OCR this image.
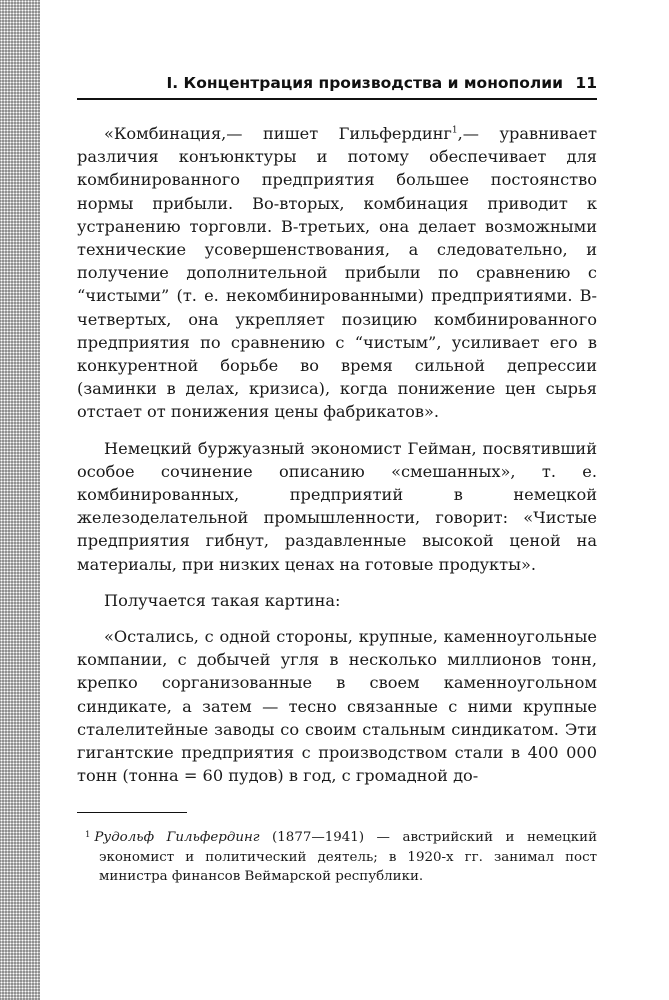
I. Концентрация производства и монополии 11

«Комбинация,— пишет Гильфердинг$^1$,— уравнивает различия конъюнктуры и потому обеспечивает для комбинированного предприятия большее постоянство нормы прибыли. Во-вторых, комбинация приводит к устранению торговли. В-третьих, она делает возможными технические усовершенствования, а следовательно, и получение дополнительной прибыли по сравнению с “чистыми” (т. е. некомбинированными) предприятиями. В-четвертых, она укрепляет позицию комбинированного предприятия по сравнению с “чистым”, усиливает его в конкурентной борьбе во время сильной депрессии (заминки в делах, кризиса), когда понижение цен сырья отстает от понижения цены фабрикатов».

Немецкий буржуазный экономист Гейман, посвятивший особое сочинение описанию «смешанных», т. е. комбинированных, предприятий в немецкой железоделательной промышленности, говорит: «Чистые предприятия гибнут, раздавленные высокой ценой на материалы, при низких ценах на готовые продукты».

Получается такая картина:

«Остались, с одной стороны, крупные, каменноугольные компании, с добычей угля в несколько миллионов тонн, крепко сорганизованные в своем каменноугольном синдикате, а затем — тесно связанные с ними крупные сталелитейные заводы со своим стальным синдикатом. Эти гигантские предприятия с производством стали в 400 000 тонн (тонна = 60 пудов) в год, с громадной до-

$^1$ Рудольф Гильфердинг (1877—1941) — австрийский и немецкий экономист и политический деятель; в 1920-х гг. занимал пост министра финансов Веймарской республики.
